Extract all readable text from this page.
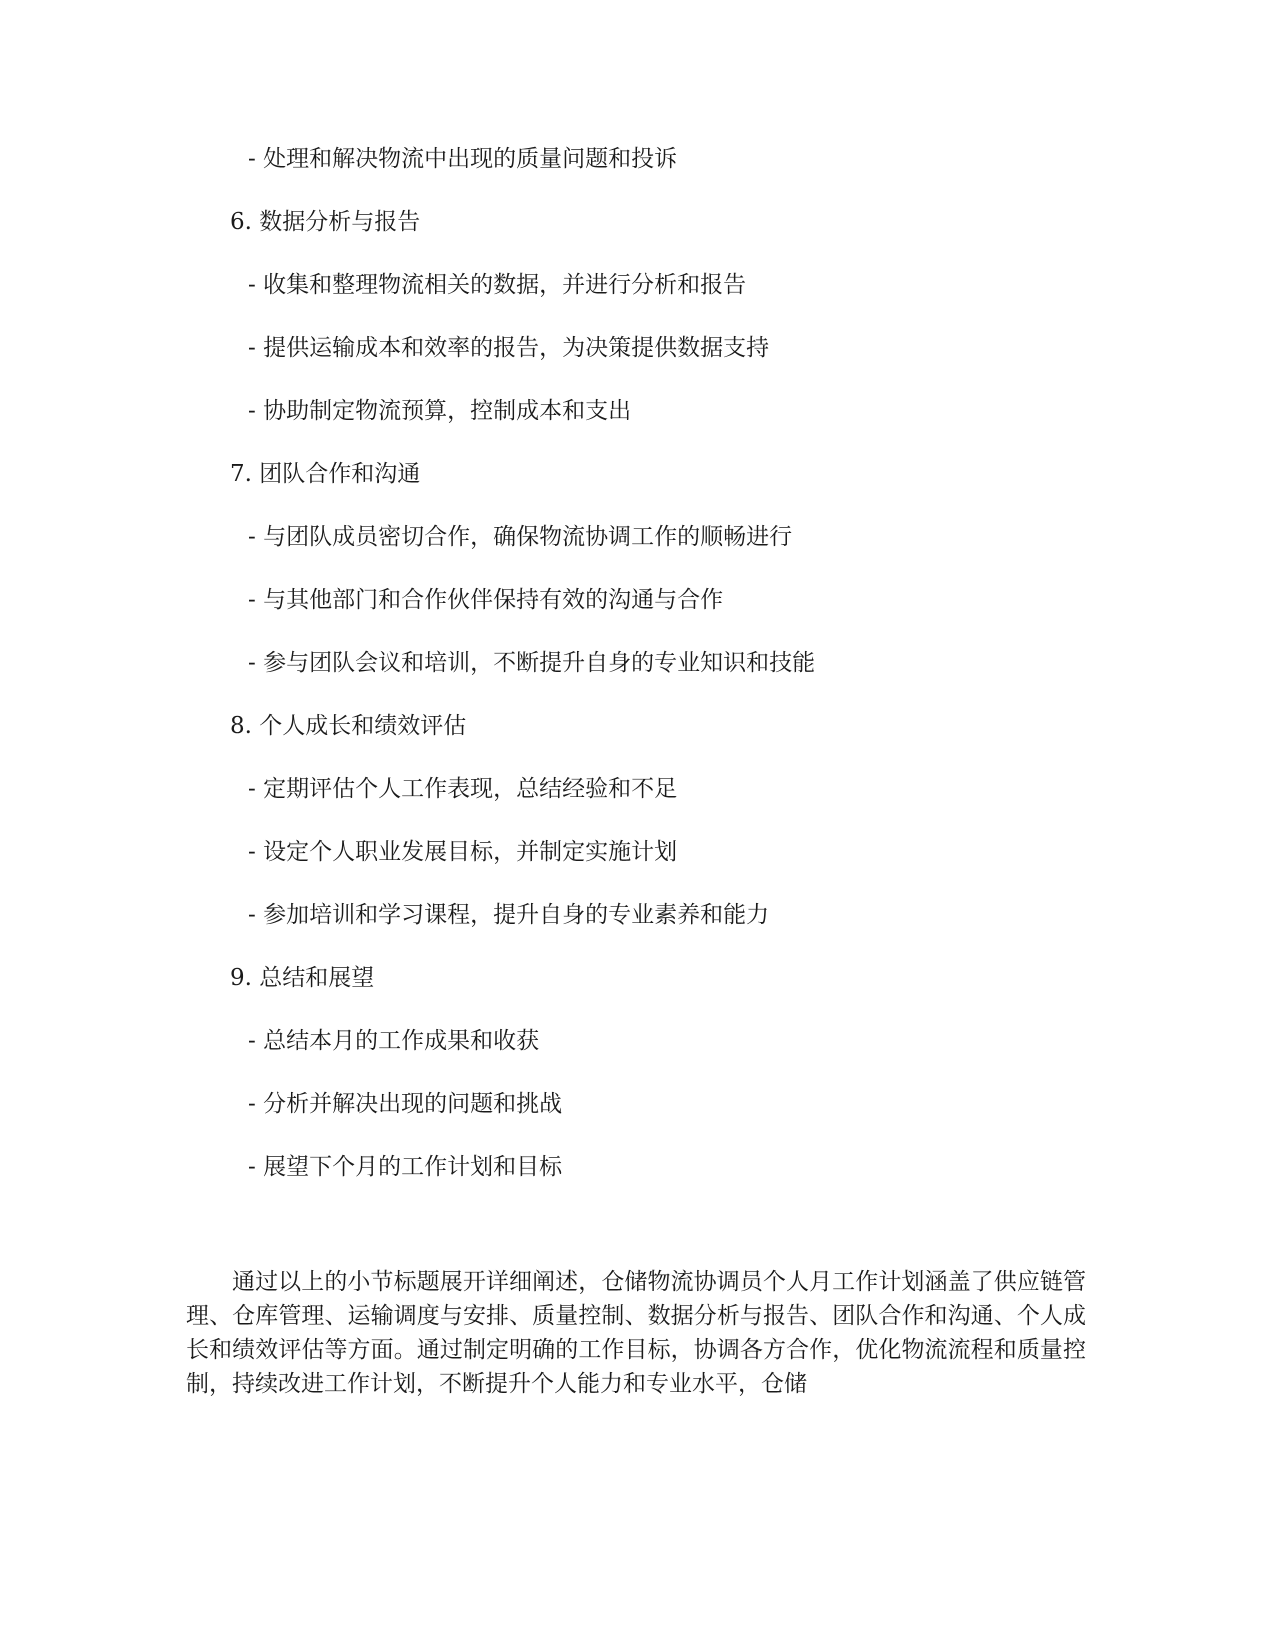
- 处理和解决物流中出现的质量问题和投诉
6. 数据分析与报告
- 收集和整理物流相关的数据，并进行分析和报告
- 提供运输成本和效率的报告，为决策提供数据支持
- 协助制定物流预算，控制成本和支出
7. 团队合作和沟通
- 与团队成员密切合作，确保物流协调工作的顺畅进行
- 与其他部门和合作伙伴保持有效的沟通与合作
- 参与团队会议和培训，不断提升自身的专业知识和技能
8. 个人成长和绩效评估
- 定期评估个人工作表现，总结经验和不足
- 设定个人职业发展目标，并制定实施计划
- 参加培训和学习课程，提升自身的专业素养和能力
9. 总结和展望
- 总结本月的工作成果和收获
- 分析并解决出现的问题和挑战
- 展望下个月的工作计划和目标

通过以上的小节标题展开详细阐述，仓储物流协调员个人月工作计划涵盖了供应链管理、仓库管理、运输调度与安排、质量控制、数据分析与报告、团队合作和沟通、个人成长和绩效评估等方面。通过制定明确的工作目标，协调各方合作，优化物流流程和质量控制，持续改进工作计划，不断提升个人能力和专业水平，仓储
